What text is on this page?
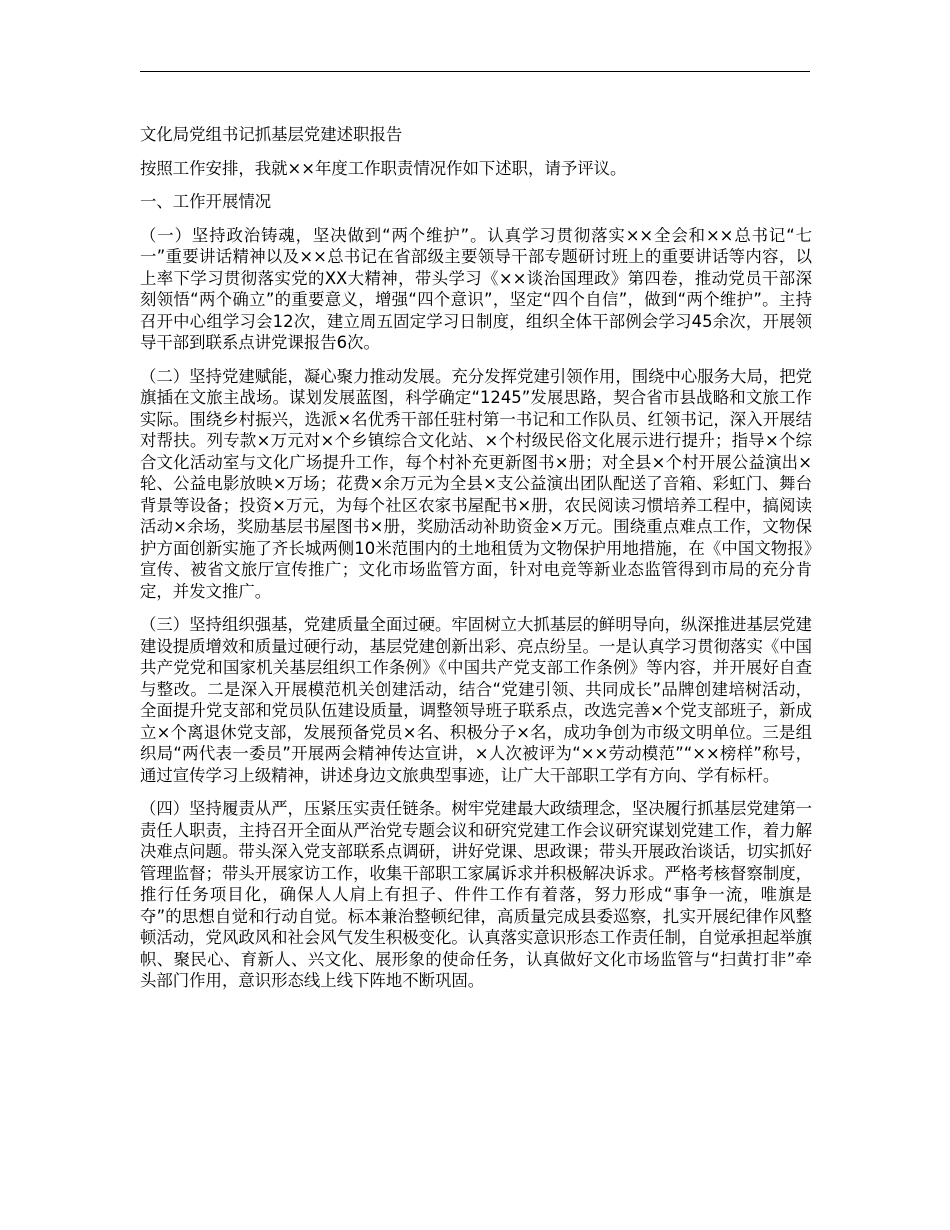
文化局党组书记抓基层党建述职报告

按照工作安排，我就××年度工作职责情况作如下述职，请予评议。

一、工作开展情况

（一）坚持政治铸魂，坚决做到“两个维护”。认真学习贯彻落实××全会和××总书记“七一”重要讲话精神以及××总书记在省部级主要领导干部专题研讨班上的重要讲话等内容，以上率下学习贯彻落实党的XX大精神，带头学习《××谈治国理政》第四卷，推动党员干部深刻领悟“两个确立”的重要意义，增强“四个意识”，坚定“四个自信”，做到“两个维护”。主持召开中心组学习会12次，建立周五固定学习日制度，组织全体干部例会学习45余次，开展领导干部到联系点讲党课报告6次。

（二）坚持党建赋能，凝心聚力推动发展。充分发挥党建引领作用，围绕中心服务大局，把党旗插在文旅主战场。谋划发展蓝图，科学确定“1245”发展思路，契合省市县战略和文旅工作实际。围绕乡村振兴，选派×名优秀干部任驻村第一书记和工作队员、红领书记，深入开展结对帮扶。列专款×万元对×个乡镇综合文化站、×个村级民俗文化展示进行提升；指导×个综合文化活动室与文化广场提升工作，每个村补充更新图书×册；对全县×个村开展公益演出×轮、公益电影放映×万场；花费×余万元为全县×支公益演出团队配送了音箱、彩虹门、舞台背景等设备；投资×万元，为每个社区农家书屋配书×册，农民阅读习惯培养工程中，搞阅读活动×余场，奖励基层书屋图书×册，奖励活动补助资金×万元。围绕重点难点工作，文物保护方面创新实施了齐长城两侧10米范围内的土地租赁为文物保护用地措施，在《中国文物报》宣传、被省文旅厅宣传推广；文化市场监管方面，针对电竞等新业态监管得到市局的充分肯定，并发文推广。

（三）坚持组织强基，党建质量全面过硬。牢固树立大抓基层的鲜明导向，纵深推进基层党建建设提质增效和质量过硬行动，基层党建创新出彩、亮点纷呈。一是认真学习贯彻落实《中国共产党党和国家机关基层组织工作条例》《中国共产党支部工作条例》等内容，并开展好自查与整改。二是深入开展模范机关创建活动，结合“党建引领、共同成长”品牌创建培树活动，全面提升党支部和党员队伍建设质量，调整领导班子联系点，改选完善×个党支部班子，新成立×个离退休党支部，发展预备党员×名、积极分子×名，成功争创为市级文明单位。三是组织局“两代表一委员”开展两会精神传达宣讲，×人次被评为“××劳动模范”“××榜样”称号，通过宣传学习上级精神，讲述身边文旅典型事迹，让广大干部职工学有方向、学有标杆。

（四）坚持履责从严，压紧压实责任链条。树牢党建最大政绩理念，坚决履行抓基层党建第一责任人职责，主持召开全面从严治党专题会议和研究党建工作会议研究谋划党建工作，着力解决难点问题。带头深入党支部联系点调研，讲好党课、思政课；带头开展政治谈话，切实抓好管理监督；带头开展家访工作，收集干部职工家属诉求并积极解决诉求。严格考核督察制度，推行任务项目化，确保人人肩上有担子、件件工作有着落，努力形成“事争一流，唯旗是夺”的思想自觉和行动自觉。标本兼治整顿纪律，高质量完成县委巡察，扎实开展纪律作风整顿活动，党风政风和社会风气发生积极变化。认真落实意识形态工作责任制，自觉承担起举旗帜、聚民心、育新人、兴文化、展形象的使命任务，认真做好文化市场监管与“扫黄打非”牵头部门作用，意识形态线上线下阵地不断巩固。
